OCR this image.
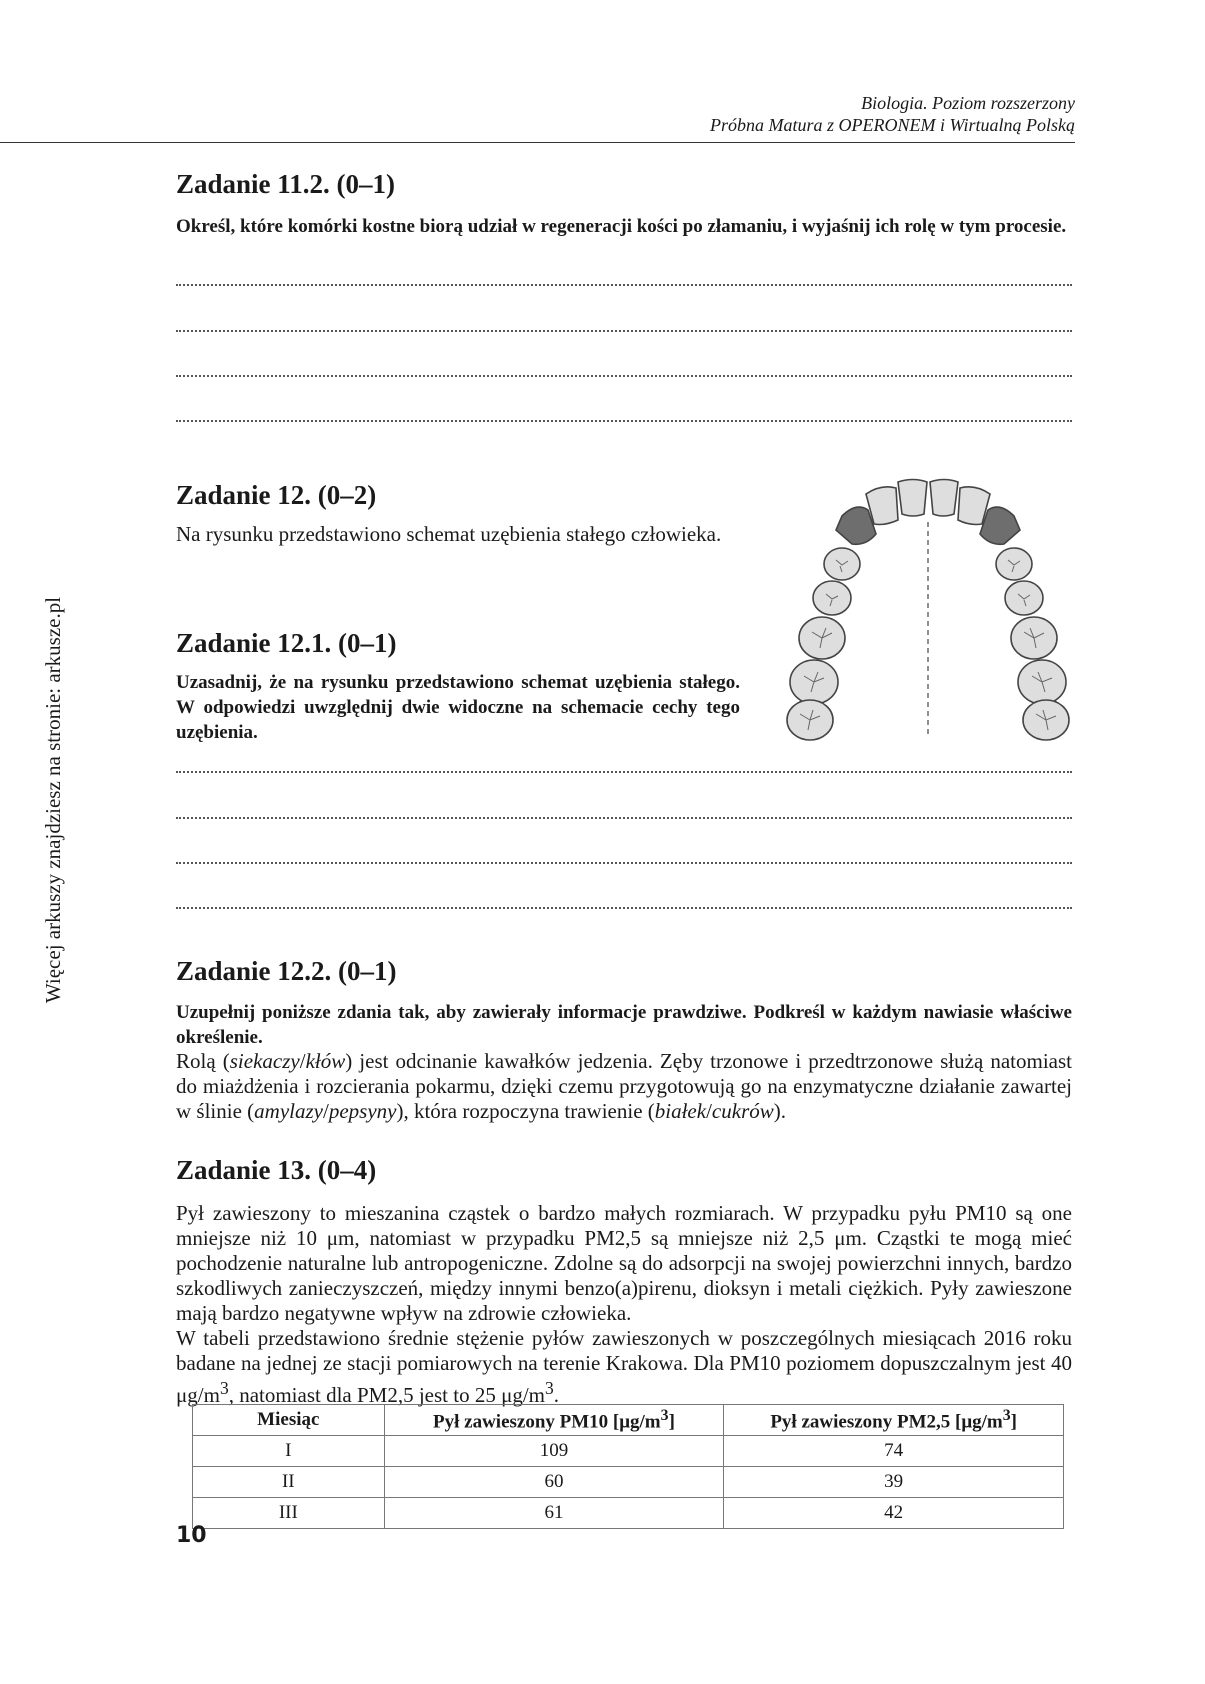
Biologia. Poziom rozszerzony
Próbna Matura z OPERONEM i Wirtualną Polską
Więcej arkuszy znajdziesz na stronie: arkusze.pl
Zadanie 11.2. (0–1)
Określ, które komórki kostne biorą udział w regeneracji kości po złamaniu, i wyjaśnij ich rolę w tym procesie.
Zadanie 12. (0–2)
Na rysunku przedstawiono schemat uzębienia stałego człowieka.
Zadanie 12.1. (0–1)
Uzasadnij, że na rysunku przedstawiono schemat uzębienia stałego. W odpowiedzi uwzględnij dwie widoczne na schemacie cechy tego uzębienia.
Zadanie 12.2. (0–1)
Uzupełnij poniższe zdania tak, aby zawierały informacje prawdziwe. Podkreśl w każdym nawiasie właściwe określenie.
Rolą (siekaczy/kłów) jest odcinanie kawałków jedzenia. Zęby trzonowe i przedtrzonowe służą natomiast do miażdżenia i rozcierania pokarmu, dzięki czemu przygotowują go na enzymatyczne działanie zawartej w ślinie (amylazy/pepsyny), która rozpoczyna trawienie (białek/cukrów).
Zadanie 13. (0–4)
Pył zawieszony to mieszanina cząstek o bardzo małych rozmiarach. W przypadku pyłu PM10 są one mniejsze niż 10 μm, natomiast w przypadku PM2,5 są mniejsze niż 2,5 μm. Cząstki te mogą mieć pochodzenie naturalne lub antropogeniczne. Zdolne są do adsorpcji na swojej powierzchni innych, bardzo szkodliwych zanieczyszczeń, między innymi benzo(a)pirenu, dioksyn i metali ciężkich. Pyły zawieszone mają bardzo negatywne wpływ na zdrowie człowieka.
W tabeli przedstawiono średnie stężenie pyłów zawieszonych w poszczególnych miesiącach 2016 roku badane na jednej ze stacji pomiarowych na terenie Krakowa. Dla PM10 poziomem dopuszczalnym jest 40 $\mu g/m^3$, natomiast dla PM2,5 jest to 25 $\mu g/m^3$.
Miesiąc	Pył zawieszony PM10 $[\mu g/m^3]$	Pył zawieszony PM2,5 $[\mu g/m^3]$
I	109	74
II	60	39
III	61	42
10
